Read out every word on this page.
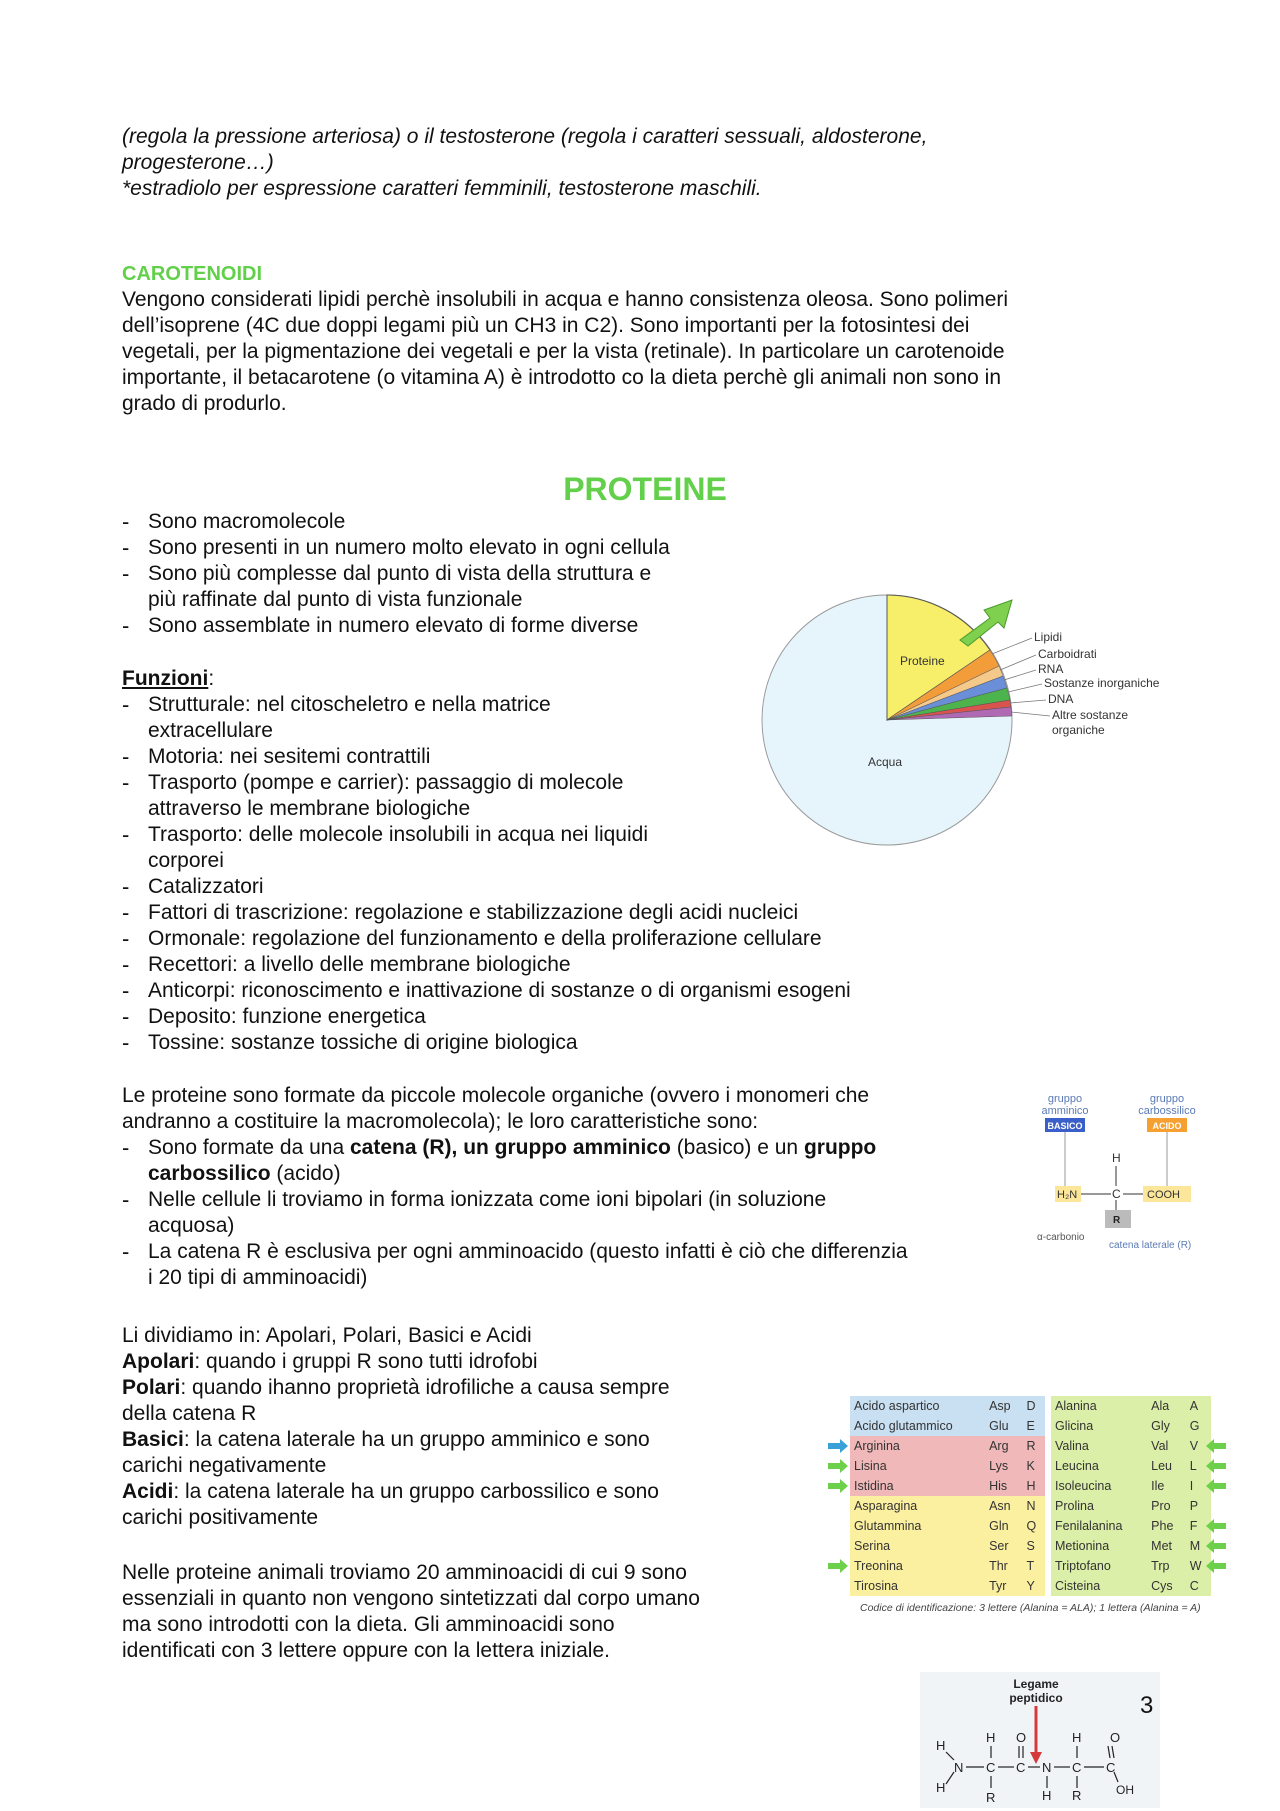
(regola la pressione arteriosa) o il testosterone (regola i caratteri sessuali, aldosterone,

progesterone…)

*estradiolo per espressione caratteri femminili, testosterone maschili.

CAROTENOIDI

Vengono considerati lipidi perchè insolubili in acqua e hanno consistenza oleosa. Sono polimeri

dell’isoprene (4C due doppi legami più un CH3 in C2). Sono importanti per la fotosintesi dei

vegetali, per la pigmentazione dei vegetali e per la vista (retinale). In particolare un carotenoide

importante, il betacarotene (o vitamina A) è introdotto co la dieta perchè gli animali non sono in

grado di produrlo.

PROTEINE
- Sono macromolecole
- Sono presenti in un numero molto elevato in ogni cellula
- Sono più complesse dal punto di vista della struttura e
più raffinate dal punto di vista funzionale
- Sono assemblate in numero elevato di forme diverse

Funzioni:

- Strutturale: nel citoscheletro e nella matrice
extracellulare
- Motoria: nei sesitemi contrattili
- Trasporto (pompe e carrier): passaggio di molecole
attraverso le membrane biologiche
- Trasporto: delle molecole insolubili in acqua nei liquidi
corporei
- Catalizzatori
- Fattori di trascrizione: regolazione e stabilizzazione degli acidi nucleici
- Ormonale: regolazione del funzionamento e della proliferazione cellulare
- Recettori: a livello delle membrane biologiche
- Anticorpi: riconoscimento e inattivazione di sostanze o di organismi esogeni
- Deposito: funzione energetica
- Tossine: sostanze tossiche di origine biologica
Proteine
Acqua
Lipidi
Carboidrati
RNA
Sostanze inorganiche
DNA
Altre sostanze
organiche

Le proteine sono formate da piccole molecole organiche (ovvero i monomeri che

andranno a costituire la macromolecola); le loro caratteristiche sono:

- Sono formate da una catena (R), un gruppo amminico (basico) e un gruppo
carbossilico (acido)
- Nelle cellule li troviamo in forma ionizzata come ioni bipolari (in soluzione
acquosa)
- La catena R è esclusiva per ogni amminoacido (questo infatti è ciò che differenzia
i 20 tipi di amminoacidi)
gruppo
amminico
gruppo
carbossilico
BASICO	ACIDO
H
H₂N	C COOH
R
α-carbonio
catena laterale (R)

Li dividiamo in: Apolari, Polari, Basici e Acidi

Apolari: quando i gruppi R sono tutti idrofobi

Polari: quando ihanno proprietà idrofiliche a causa sempre

della catena R

Basici: la catena laterale ha un gruppo amminico e sono

carichi negativamente

Acidi: la catena laterale ha un gruppo carbossilico e sono

carichi positivamente

Nelle proteine animali troviamo 20 amminoacidi di cui 9 sono

essenziali in quanto non vengono sintetizzati dal corpo umano

ma sono introdotti con la dieta. Gli amminoacidi sono

identificati con 3 lettere oppure con la lettera iniziale.

Acido aspartico	Asp	D
Acido glutammico	Glu	E
Arginina	Arg	R
Lisina	Lys	K
Istidina	His	H
Asparagina	Asn	N
Glutammina	Gln	Q
Serina	Ser	S
Treonina	Thr	T
Tirosina	Tyr	Y
Alanina	Ala	A
Glicina	Gly	G
Valina	Val	V
Leucina	Leu	L
Isoleucina	Ile	I
Prolina	Pro	P
Fenilalanina	Phe	F
Metionina	Met	M
Triptofano	Trp	W
Cisteina	Cys	C
Codice di identificazione: 3 lettere (Alanina = ALA); 1 lettera (Alanina = A)
Legame
peptidico
H
H
N
H
C
R
O
C N
H
H
C
R
O
C
OH
3
